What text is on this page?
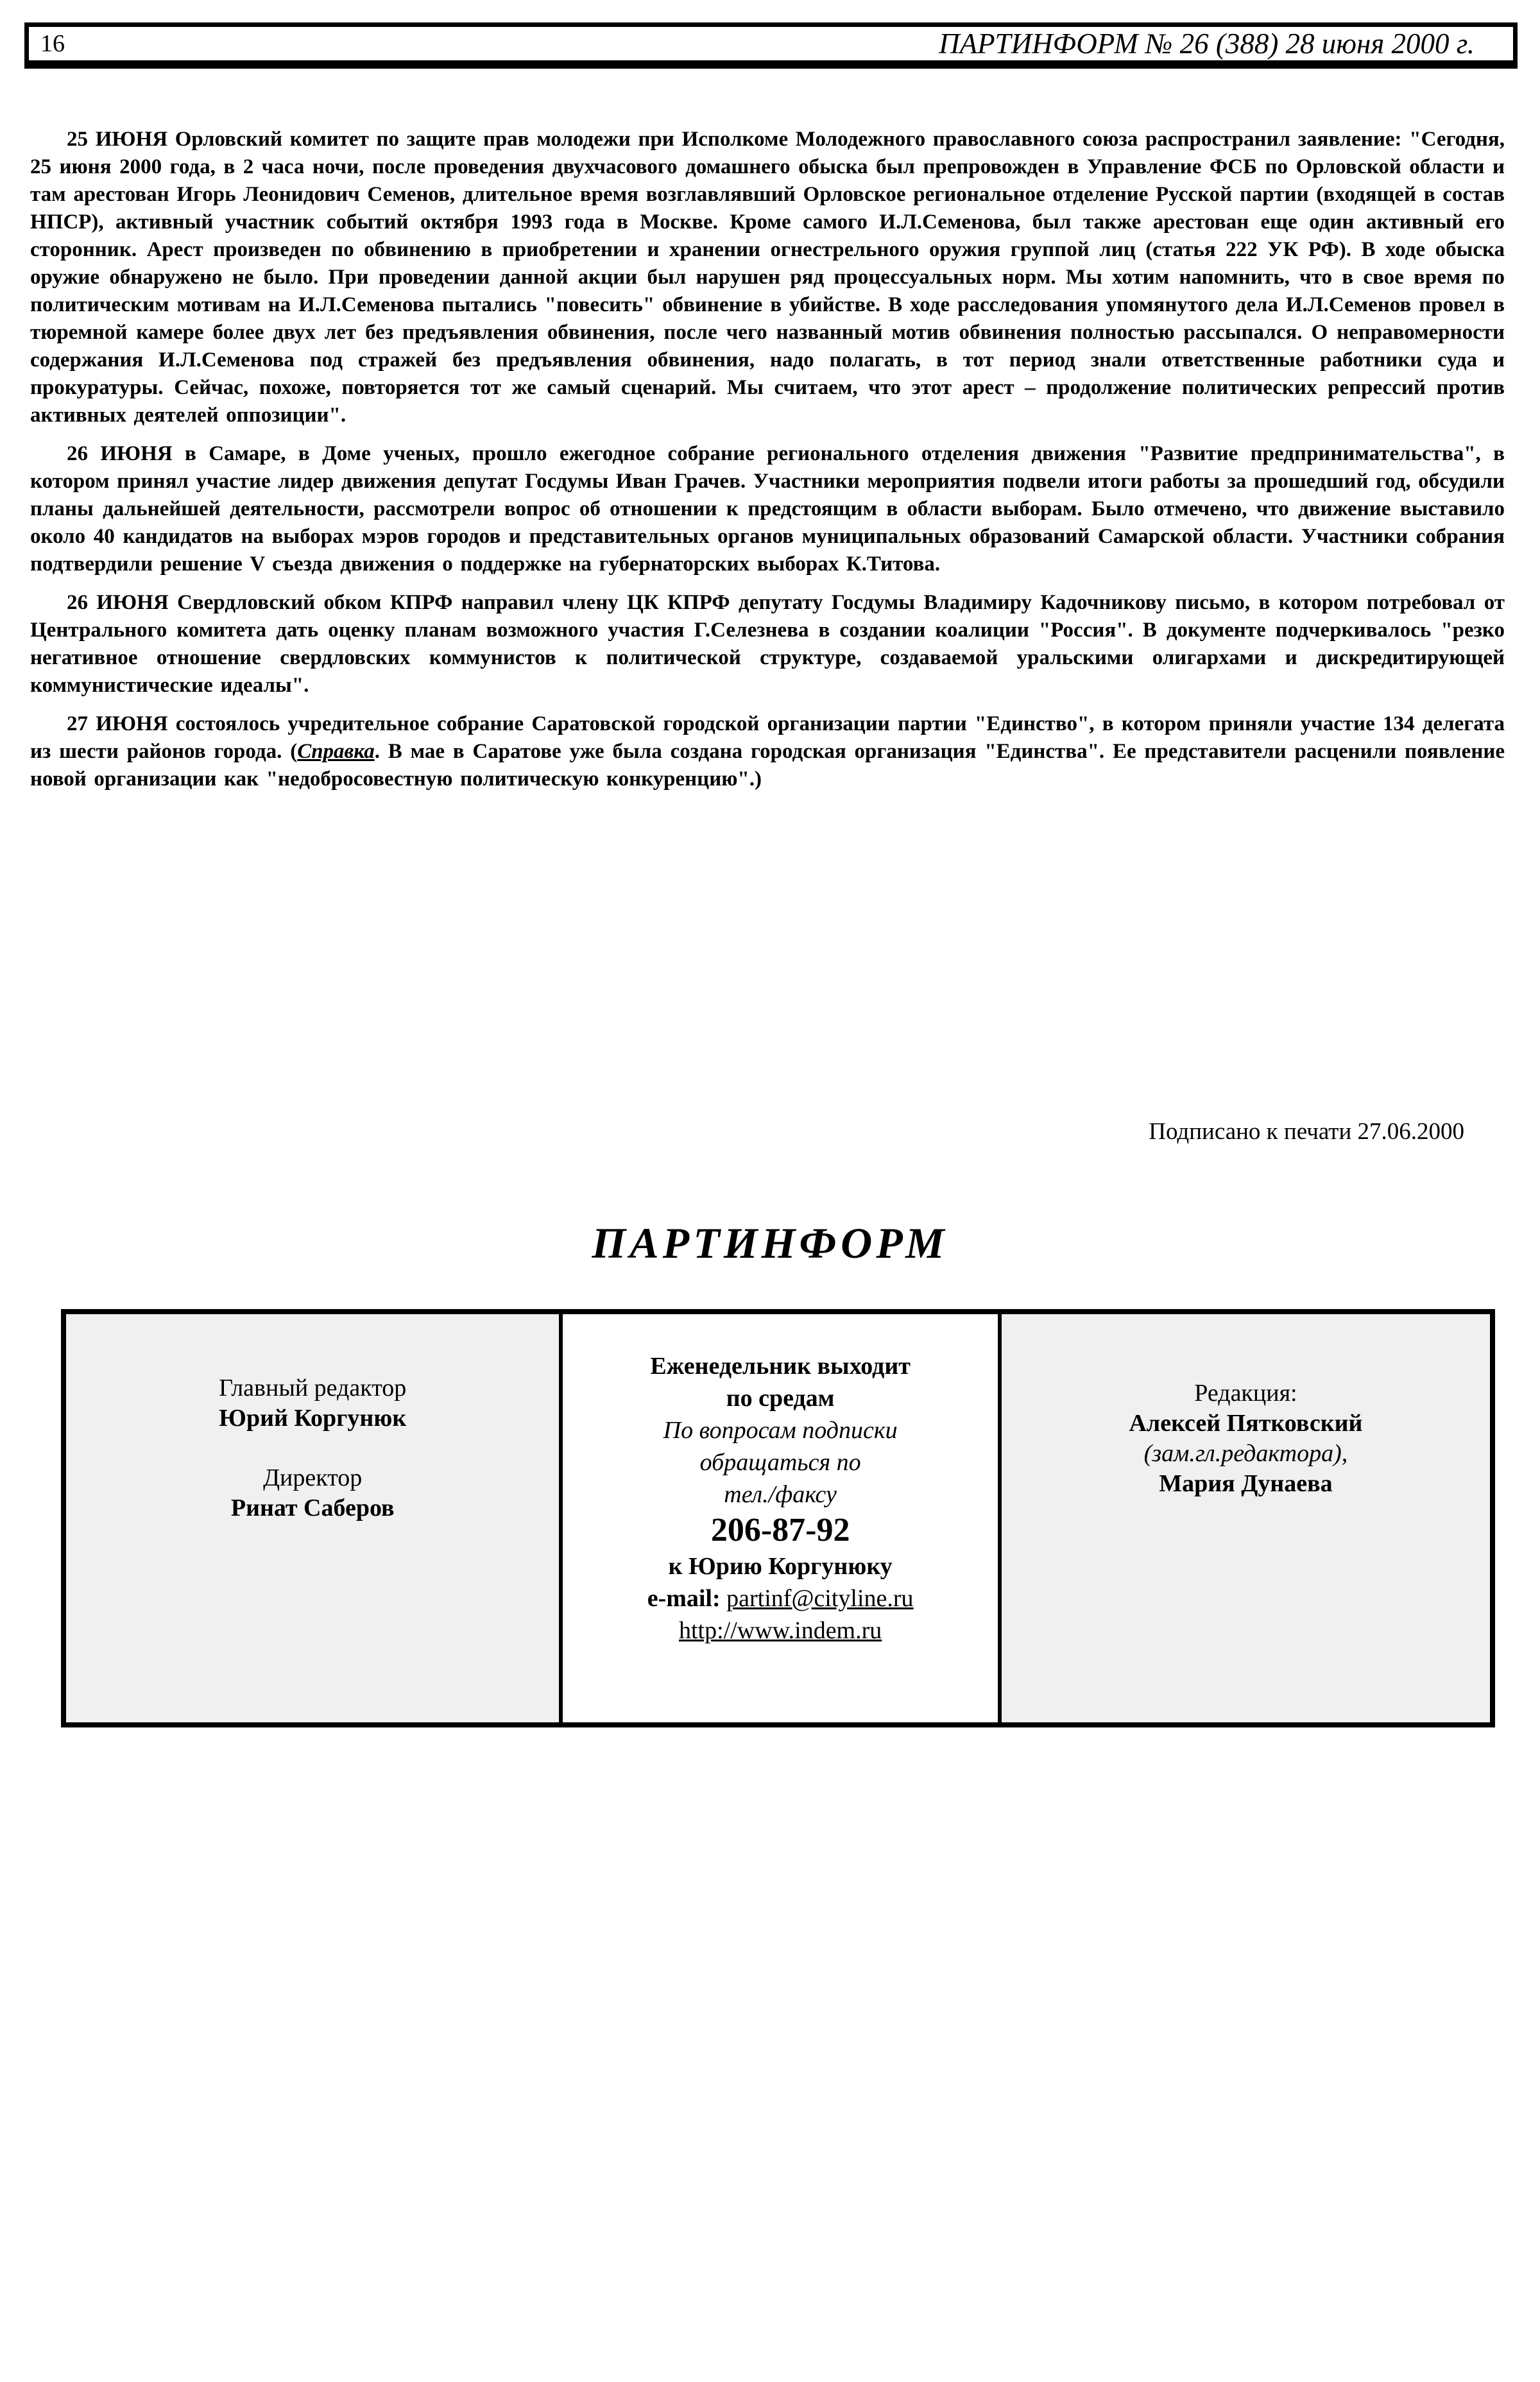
16	ПАРТИНФОРМ № 26 (388) 28 июня 2000 г.

25 ИЮНЯ Орловский комитет по защите прав молодежи при Исполкоме Молодежного православного союза распространил заявление: "Сегодня, 25 июня 2000 года, в 2 часа ночи, после проведения двухчасового домашнего обыска был препровожден в Управление ФСБ по Орловской области и там арестован Игорь Леонидович Семенов, длительное время возглавлявший Орловское региональное отделение Русской партии (входящей в состав НПСР), активный участник событий октября 1993 года в Москве. Кроме самого И.Л.Семенова, был также арестован еще один активный его сторонник. Арест произведен по обвинению в приобретении и хранении огнестрельного оружия группой лиц (статья 222 УК РФ). В ходе обыска оружие обнаружено не было. При проведении данной акции был нарушен ряд процессуальных норм. Мы хотим напомнить, что в свое время по политическим мотивам на И.Л.Семенова пытались "повесить" обвинение в убийстве. В ходе расследования упомянутого дела И.Л.Семенов провел в тюремной камере более двух лет без предъявления обвинения, после чего названный мотив обвинения полностью рассыпался. О неправомерности содержания И.Л.Семенова под стражей без предъявления обвинения, надо полагать, в тот период знали ответственные работники суда и прокуратуры. Сейчас, похоже, повторяется тот же самый сценарий. Мы считаем, что этот арест – продолжение политических репрессий против активных деятелей оппозиции".

26 ИЮНЯ в Самаре, в Доме ученых, прошло ежегодное собрание регионального отделения движения "Развитие предпринимательства", в котором принял участие лидер движения депутат Госдумы Иван Грачев. Участники мероприятия подвели итоги работы за прошедший год, обсудили планы дальнейшей деятельности, рассмотрели вопрос об отношении к предстоящим в области выборам. Было отмечено, что движение выставило около 40 кандидатов на выборах мэров городов и представительных органов муниципальных образований Самарской области. Участники собрания подтвердили решение V съезда движения о поддержке на губернаторских выборах К.Титова.

26 ИЮНЯ Свердловский обком КПРФ направил члену ЦК КПРФ депутату Госдумы Владимиру Кадочникову письмо, в котором потребовал от Центрального комитета дать оценку планам возможного участия Г.Селезнева в создании коалиции "Россия". В документе подчеркивалось "резко негативное отношение свердловских коммунистов к политической структуре, создаваемой уральскими олигархами и дискредитирующей коммунистические идеалы".

27 ИЮНЯ состоялось учредительное собрание Саратовской городской организации партии "Единство", в котором приняли участие 134 делегата из шести районов города. (Справка. В мае в Саратове уже была создана городская организация "Единства". Ее представители расценили появление новой организации как "недобросовестную политическую конкуренцию".)

Подписано к печати 27.06.2000
ПАРТИНФОРМ
Главный редактор
Юрий Коргунюк
Директор
Ринат Саберов
Еженедельник выходит
по средам
По вопросам подписки
обращаться по
тел./факсу
206-87-92
к Юрию Коргунюку
e-mail: partinf@cityline.ru
http://www.indem.ru
Редакция:
Алексей Пятковский
(зам.гл.редактора),
Мария Дунаева
